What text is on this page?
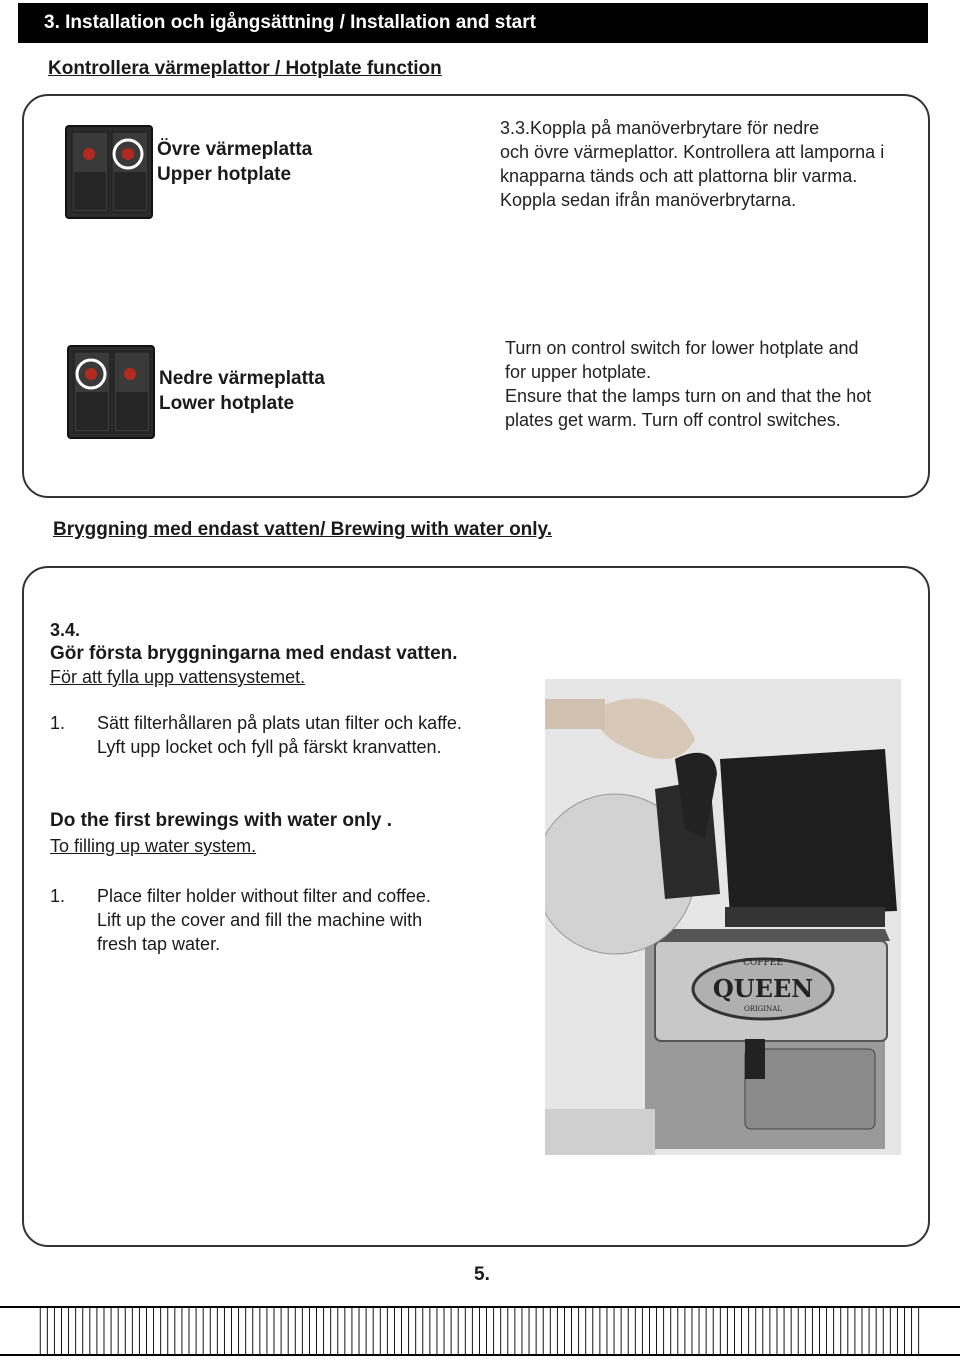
3. Installation och igångsättning / Installation and start
Kontrollera värmeplattor / Hotplate function
Övre värmeplatta
Upper hotplate
3.3.Koppla på manöverbrytare för nedre
och övre värmeplattor. Kontrollera att lamporna i
knapparna tänds och att plattorna blir varma.
Koppla sedan ifrån manöverbrytarna.
Nedre värmeplatta
Lower hotplate
Turn on control switch for lower hotplate and
for upper hotplate.
Ensure that the lamps turn on and that the hot
plates get warm. Turn off control switches.
Bryggning med endast vatten/ Brewing with water only.
3.4.
Gör första bryggningarna med endast vatten.
För att fylla upp vattensystemet.
1. Sätt filterhållaren på plats utan filter och kaffe.
Lyft upp locket och fyll på färskt kranvatten.
Do the first brewings with water only .
To filling up water system.
1. Place filter holder without filter and coffee.
Lift up the cover and fill the machine with
fresh tap water.
COFFEE
QUEEN
ORIGINAL
5.
